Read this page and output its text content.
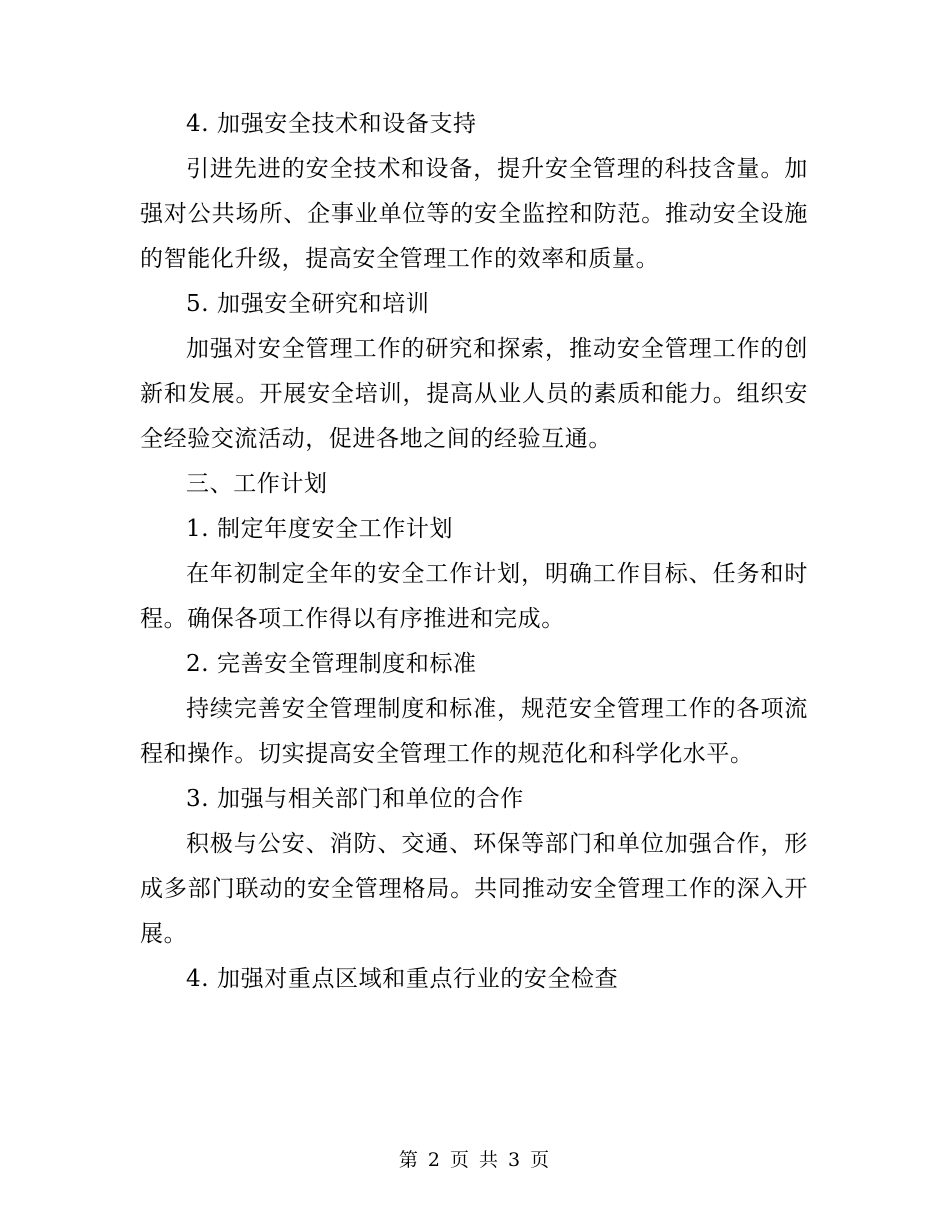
4. 加强安全技术和设备支持

引进先进的安全技术和设备，提升安全管理的科技含量。加强对公共场所、企事业单位等的安全监控和防范。推动安全设施的智能化升级，提高安全管理工作的效率和质量。

5. 加强安全研究和培训

加强对安全管理工作的研究和探索，推动安全管理工作的创新和发展。开展安全培训，提高从业人员的素质和能力。组织安全经验交流活动，促进各地之间的经验互通。

三、工作计划

1. 制定年度安全工作计划

在年初制定全年的安全工作计划，明确工作目标、任务和时程。确保各项工作得以有序推进和完成。

2. 完善安全管理制度和标准

持续完善安全管理制度和标准，规范安全管理工作的各项流程和操作。切实提高安全管理工作的规范化和科学化水平。

3. 加强与相关部门和单位的合作

积极与公安、消防、交通、环保等部门和单位加强合作，形成多部门联动的安全管理格局。共同推动安全管理工作的深入开展。

4. 加强对重点区域和重点行业的安全检查

第 2 页 共 3 页
